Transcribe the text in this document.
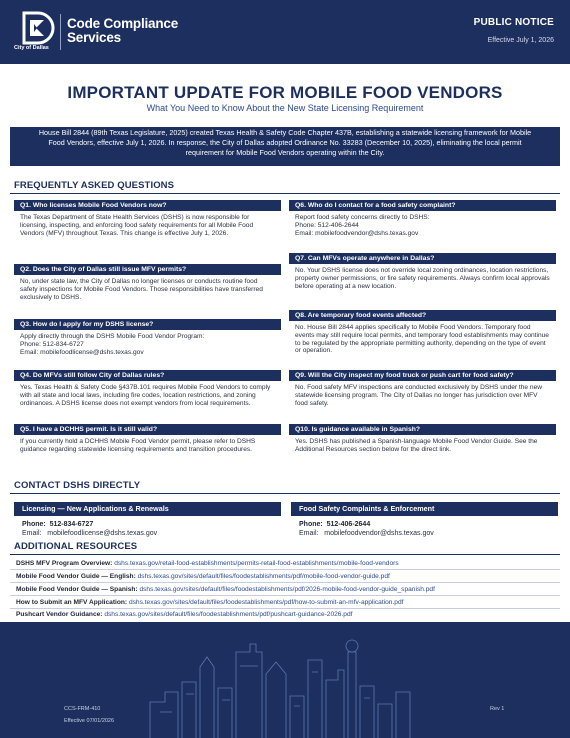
City of Dallas
Code Compliance
Services
PUBLIC NOTICE
Effective July 1, 2026
IMPORTANT UPDATE FOR MOBILE FOOD VENDORS
What You Need to Know About the New State Licensing Requirement
House Bill 2844 (89th Texas Legislature, 2025) created Texas Health & Safety Code Chapter 437B, establishing a statewide licensing framework for Mobile Food Vendors, effective July 1, 2026. In response, the City of Dallas adopted Ordinance No. 33283 (December 10, 2025), eliminating the local permit requirement for Mobile Food Vendors operating within the City.
FREQUENTLY ASKED QUESTIONS
Q1. Who licenses Mobile Food Vendors now?
The Texas Department of State Health Services (DSHS) is now responsible for licensing, inspecting, and enforcing food safety requirements for all Mobile Food Vendors (MFV) throughout Texas. This change is effective July 1, 2026.
Q2. Does the City of Dallas still issue MFV permits?
No, under state law, the City of Dallas no longer licenses or conducts routine food safety inspections for Mobile Food Vendors. Those responsibilities have transferred exclusively to DSHS.
Q3. How do I apply for my DSHS license?
Apply directly through the DSHS Mobile Food Vendor Program:
Phone: 512-834-6727
Email: mobilefoodlicense@dshs.texas.gov
Q4. Do MFVs still follow City of Dallas rules?
Yes. Texas Health & Safety Code §437B.101 requires Mobile Food Vendors to comply with all state and local laws, including fire codes, location restrictions, and zoning ordinances. A DSHS license does not exempt vendors from local requirements.
Q5. I have a DCHHS permit. Is it still valid?
If you currently hold a DCHHS Mobile Food Vendor permit, please refer to DSHS guidance regarding statewide licensing requirements and transition procedures.
Q6. Who do I contact for a food safety complaint?
Report food safety concerns directly to DSHS:
Phone: 512-406-2644
Email: mobilefoodvendor@dshs.texas.gov
Q7. Can MFVs operate anywhere in Dallas?
No. Your DSHS license does not override local zoning ordinances, location restrictions, property owner permissions, or fire safety requirements. Always confirm local approvals before operating at a new location.
Q8. Are temporary food events affected?
No. House Bill 2844 applies specifically to Mobile Food Vendors. Temporary food events may still require local permits, and temporary food establishments may continue to be regulated by the appropriate permitting authority, depending on the type of event or operation.
Q9. Will the City inspect my food truck or push cart for food safety?
No. Food safety MFV inspections are conducted exclusively by DSHS under the new statewide licensing program. The City of Dallas no longer has jurisdiction over MFV food safety.
Q10. Is guidance available in Spanish?
Yes. DSHS has published a Spanish-language Mobile Food Vendor Guide. See the Additional Resources section below for the direct link.
CONTACT DSHS DIRECTLY
Licensing — New Applications & Renewals
Phone: 512-834-6727
Email: mobilefoodlicense@dshs.texas.gov
Food Safety Complaints & Enforcement
Phone: 512-406-2644
Email: mobilefoodvendor@dshs.texas.gov
ADDITIONAL RESOURCES
DSHS MFV Program Overview: dshs.texas.gov/retail-food-establishments/permits-retail-food-establishments/mobile-food-vendors
Mobile Food Vendor Guide — English: dshs.texas.gov/sites/default/files/foodestablishments/pdf/mobile-food-vendor-guide.pdf
Mobile Food Vendor Guide — Spanish: dshs.texas.gov/sites/default/files/foodestablishments/pdf/2026-mobile-food-vendor-guide_spanish.pdf
How to Submit an MFV Application: dshs.texas.gov/sites/default/files/foodestablishments/pdf/how-to-submit-an-mfv-application.pdf
Pushcart Vendor Guidance: dshs.texas.gov/sites/default/files/foodestablishments/pdf/pushcart-guidance-2026.pdf
CCS-FRM-410
Effective 07/01/2026
Rev 1
